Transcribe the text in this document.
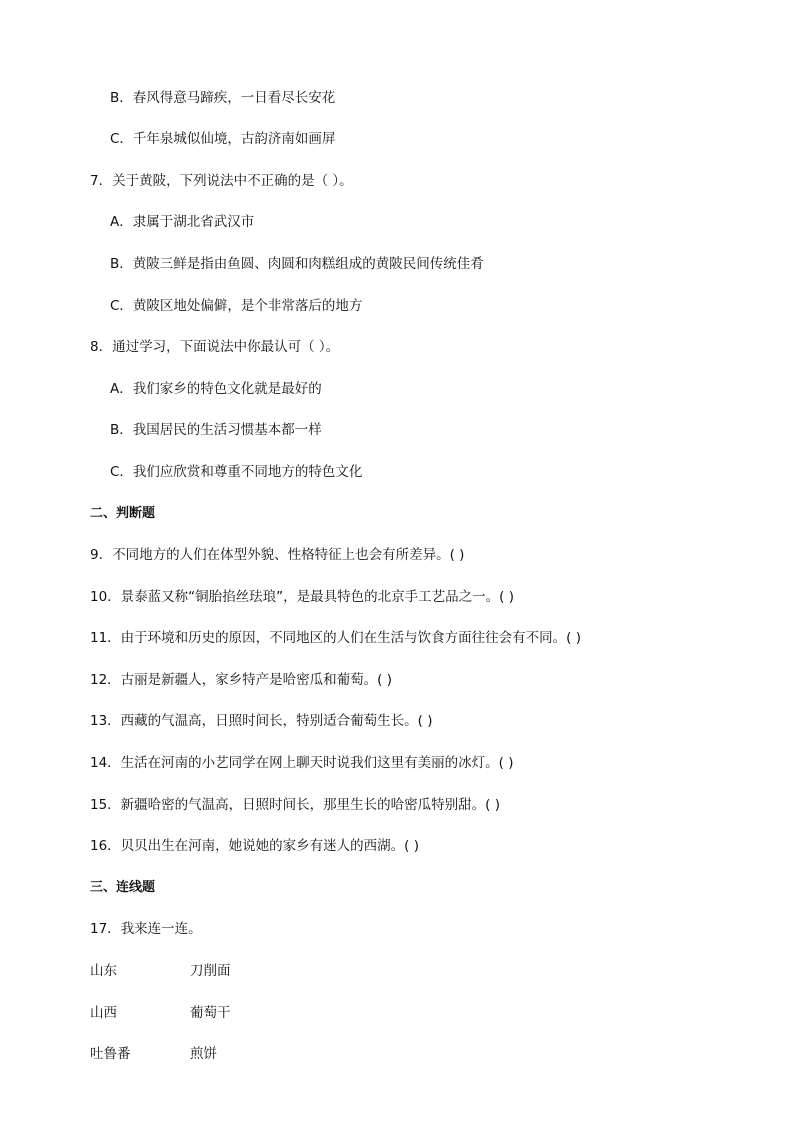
B．春风得意马蹄疾，一日看尽长安花
C．千年泉城似仙境，古韵济南如画屏
7．关于黄陂，下列说法中不正确的是（ ）。
A．隶属于湖北省武汉市
B．黄陂三鲜是指由鱼圆、肉圆和肉糕组成的黄陂民间传统佳肴
C．黄陂区地处偏僻，是个非常落后的地方
8．通过学习，下面说法中你最认可（ ）。
A．我们家乡的特色文化就是最好的
B．我国居民的生活习惯基本都一样
C．我们应欣赏和尊重不同地方的特色文化
二、判断题
9．不同地方的人们在体型外貌、性格特征上也会有所差异。( )
10．景泰蓝又称“铜胎掐丝珐琅”，是最具特色的北京手工艺品之一。( )
11．由于环境和历史的原因，不同地区的人们在生活与饮食方面往往会有不同。( )
12．古丽是新疆人，家乡特产是哈密瓜和葡萄。( )
13．西藏的气温高，日照时间长，特别适合葡萄生长。( )
14．生活在河南的小艺同学在网上聊天时说我们这里有美丽的冰灯。( )
15．新疆哈密的气温高，日照时间长，那里生长的哈密瓜特别甜。( )
16．贝贝出生在河南，她说她的家乡有迷人的西湖。( )
三、连线题
17．我来连一连。
山东	刀削面
山西	葡萄干
吐鲁番	煎饼
